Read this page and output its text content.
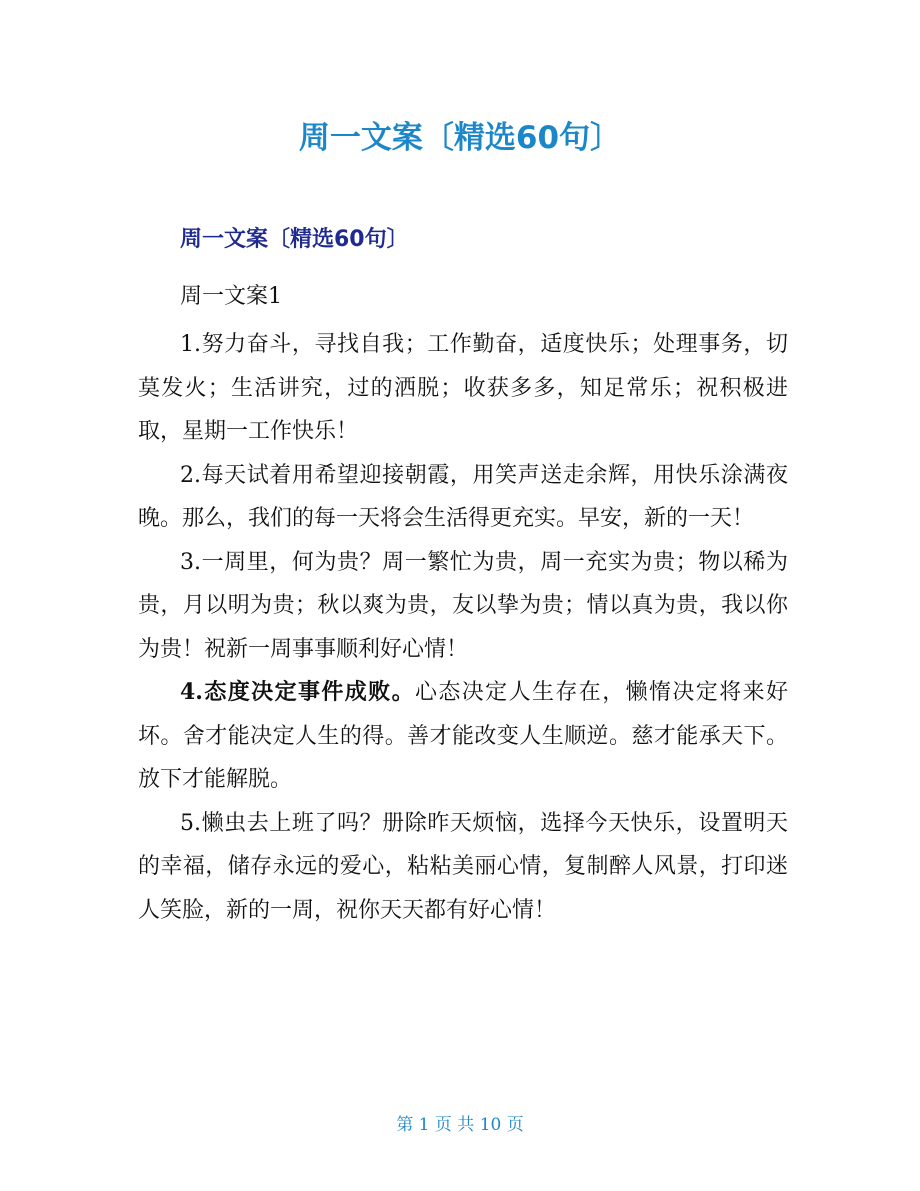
周一文案〔精选60句〕
周一文案〔精选60句〕

周一文案1

1.努力奋斗，寻找自我；工作勤奋，适度快乐；处理事务，切莫发火；生活讲究，过的洒脱；收获多多，知足常乐；祝积极进取，星期一工作快乐！

2.每天试着用希望迎接朝霞，用笑声送走余辉，用快乐涂满夜晚。那么，我们的每一天将会生活得更充实。早安，新的一天！

3.一周里，何为贵？周一繁忙为贵，周一充实为贵；物以稀为贵，月以明为贵；秋以爽为贵，友以挚为贵；情以真为贵，我以你为贵！祝新一周事事顺利好心情！

4.态度决定事件成败。心态决定人生存在，懒惰决定将来好坏。舍才能决定人生的得。善才能改变人生顺逆。慈才能承天下。放下才能解脱。

5.懒虫去上班了吗？册除昨天烦恼，选择今天快乐，设置明天的幸福，储存永远的爱心，粘粘美丽心情，复制醉人风景，打印迷人笑脸，新的一周，祝你天天都有好心情！

第 1 页 共 10 页
